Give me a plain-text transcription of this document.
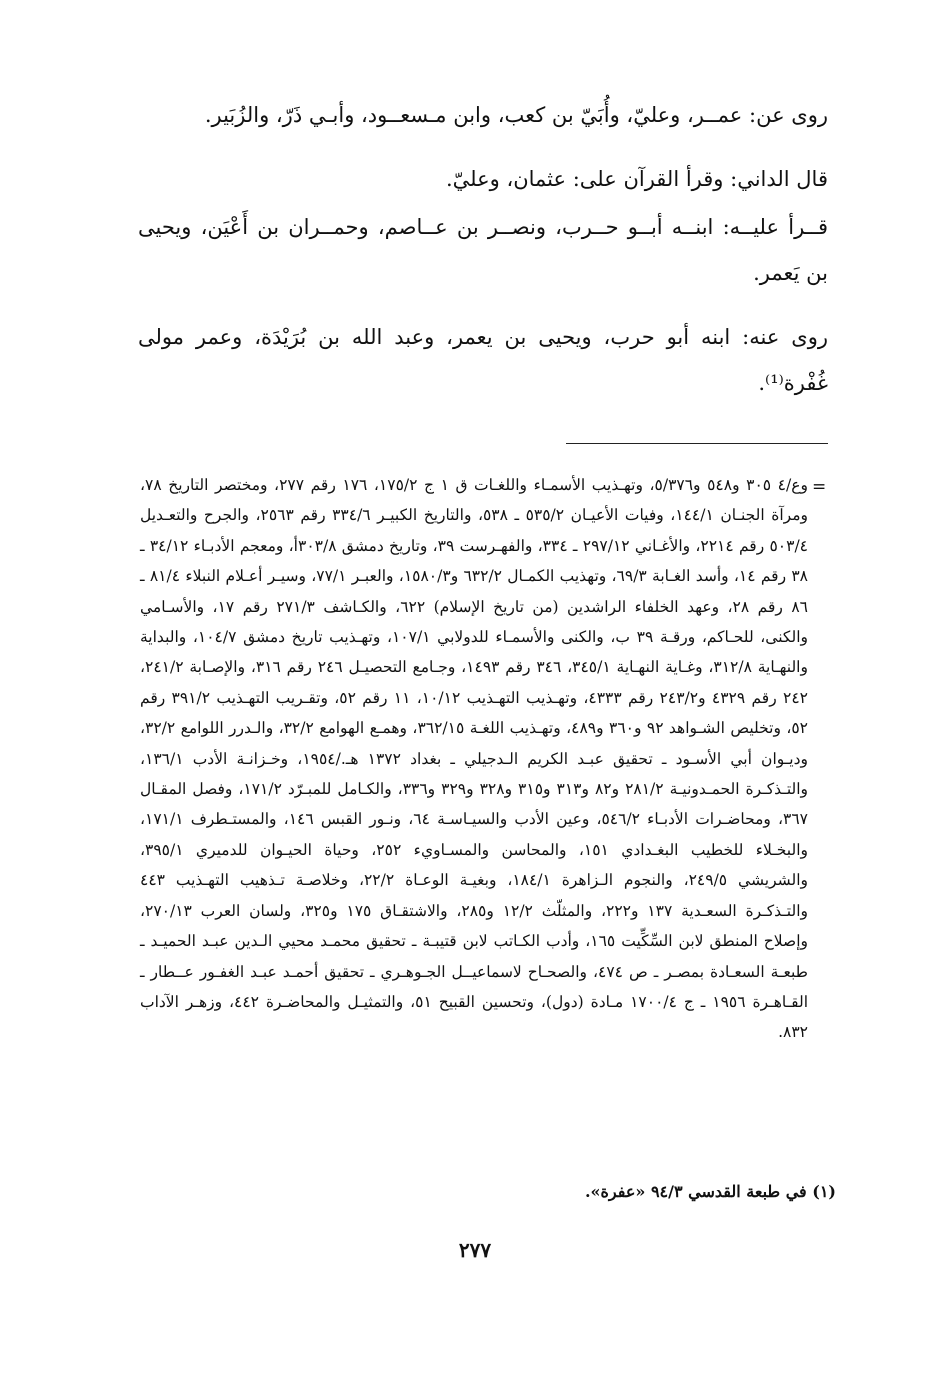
روى عن: عمــر، وعليّ، وأُبَيّ بن كعب، وابن مـسعــود، وأبـي ذَرّ، والزُبَير.

قال الداني: وقرأ القرآن على: عثمان، وعليّ.

قــرأ عليــه: ابنــه أبــو حــرب، ونصــر بن عــاصم، وحمــران بن أَعْيَن، ويحيى بن يَعمر.

روى عنه: ابنه أبو حرب، ويحيى بن يعمر، وعبد الله بن بُرَيْدَة، وعمر مولى غُفْرة⁽¹⁾.

=

وع/٤ ٣٠٥ و٥٤٨ و٥/٣٧٦، وتهـذيب الأسمـاء واللغـات ق ١ ج ١٧٥/٢، ١٧٦ رقم ٢٧٧، ومختصر التاريخ ٧٨، ومرآة الجنـان ١٤٤/١، وفيات الأعيـان ٥٣٥/٢ ـ ٥٣٨، والتاريخ الكبيـر ٣٣٤/٦ رقم ٢٥٦٣، والجرح والتعـديل ٥٠٣/٤ رقم ٢٢١٤، والأغـاني ٢٩٧/١٢ ـ ٣٣٤، والفهـرست ٣٩، وتاريخ دمشق ٣٠٣/٨أ، ومعجم الأدبـاء ٣٤/١٢ ـ ٣٨ رقم ١٤، وأسد الغـابة ٦٩/٣، وتهذيب الكمـال ٦٣٢/٢ و١٥٨٠/٣، والعبـر ٧٧/١، وسيـر أعـلام النبلاء ٨١/٤ ـ ٨٦ رقم ٢٨، وعهد الخلفاء الراشدين (من تاريخ الإسلام) ٦٢٢، والكـاشف ٢٧١/٣ رقم ١٧، والأسـامي والكنى، للحـاكم، ورقـة ٣٩ ب، والكنى والأسمـاء للدولابي ١٠٧/١، وتهـذيب تاريخ دمشق ١٠٤/٧، والبداية والنهـاية ٣١٢/٨، وغـاية النهـاية ٣٤٥/١، ٣٤٦ رقم ١٤٩٣، وجـامع التحصيـل ٢٤٦ رقم ٣١٦، والإصـابة ٢٤١/٢، ٢٤٢ رقم ٤٣٢٩ و٢٤٣/٢ رقم ٤٣٣٣، وتهـذيب التهـذيب ١٠/١٢، ١١ رقم ٥٢، وتقـريب التهـذيب ٣٩١/٢ رقم ٥٢، وتخليص الشـواهد ٩٢ و٣٦٠ و٤٨٩، وتهـذيب اللغـة ٣٦٢/١٥، وهمـع الهوامع ٣٢/٢، والـدرر اللوامع ٣٢/٢، وديـوان أبي الأسـود ـ تحقيق عبـد الكريم الـدجيلي ـ بغداد ١٣٧٢ هـ./١٩٥٤، وخـزانـة الأدب ١٣٦/١، والتـذكـرة الحمـدونيـة ٢٨١/٢ و٨٢ و٣١٣ و٣١٥ و٣٢٨ و٣٢٩ و٣٣٦، والكـامل للمبـرّد ١٧١/٢، وفصل المقـال ٣٦٧، ومحاضـرات الأدبـاء ٥٤٦/٢، وعين الأدب والسيـاسـة ٦٤، ونـور القبس ١٤٦، والمستـطرف ١٧١/١، والبخـلاء للخطيب البغـدادي ١٥١، والمحاسن والمسـاويء ٢٥٢، وحياة الحيـوان للدميري ٣٩٥/١، والشريشي ٢٤٩/٥، والنجوم الـزاهرة ١٨٤/١، وبغيـة الوعـاة ٢٢/٢، وخلاصـة تـذهيب التهـذيب ٤٤٣ والتـذكـرة السعـدية ١٣٧ و٢٢٢، والمثلّث ١٢/٢ و٢٨٥، والاشتقـاق ١٧٥ و٣٢٥، ولسان العرب ٢٧٠/١٣، وإصلاح المنطق لابن السِّكِّيت ١٦٥، وأدب الكـاتب لابن قتيبـة ـ تحقيق محمـد محيي الـدين عبـد الحميـد ـ طبعـة السعـادة بمصـر ـ ص ٤٧٤، والصحـاح لاسماعيــل الجـوهـري ـ تحقيق أحمـد عبـد الغفـور عــطار ـ القـاهـرة ١٩٥٦ ـ ج ١٧٠٠/٤ مـادة (دول)، وتحسين القبيح ٥١، والتمثيـل والمحاضـرة ٤٤٢، وزهـر الآداب ٨٣٢.

(١) في طبعة القدسي ٩٤/٣ «عفرة».
٢٧٧
